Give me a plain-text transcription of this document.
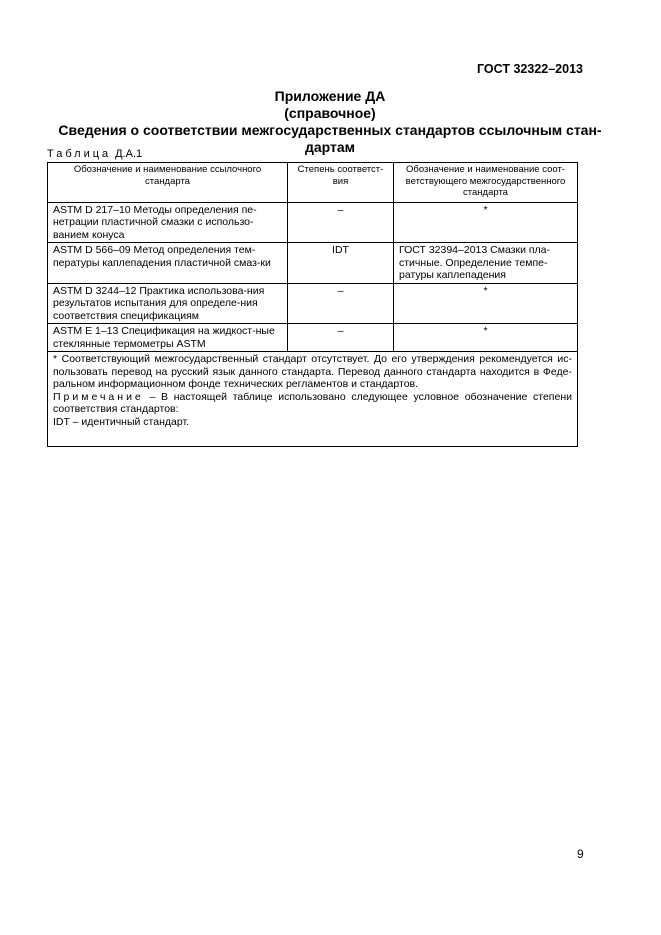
ГОСТ 32322–2013
Приложение ДА
(справочное)
Сведения о соответствии межгосударственных стандартов ссылочным стан-
дартам
Таблица Д.А.1
Обозначение и наименование ссылочного стандарта	Степень соответст-вия	Обозначение и наименование соот-ветствующего межгосударственного стандарта
ASTM D 217–10 Методы определения пе-нетрации пластичной смазки с использо-ванием конуса	–	*
ASTM D 566–09 Метод определения тем-пературы каплепадения пластичной смаз-ки	IDT	ГОСТ 32394–2013 Смазки пла-стичные. Определение темпе-ратуры каплепадения
ASTM D 3244–12 Практика использова-ния результатов испытания для определе-ния соответствия спецификациям	–	*
ASTM E 1–13 Спецификация на жидкост-ные стеклянные термометры ASTM	–	*

* Соответствующий межгосударственный стандарт отсутствует. До его утверждения рекомендуется ис-пользовать перевод на русский язык данного стандарта. Перевод данного стандарта находится в Феде-ральном информационном фонде технических регламентов и стандартов.

Примечание – В настоящей таблице использовано следующее условное обозначение степени соответствия стандартов:

IDT – идентичный стандарт.		

9
